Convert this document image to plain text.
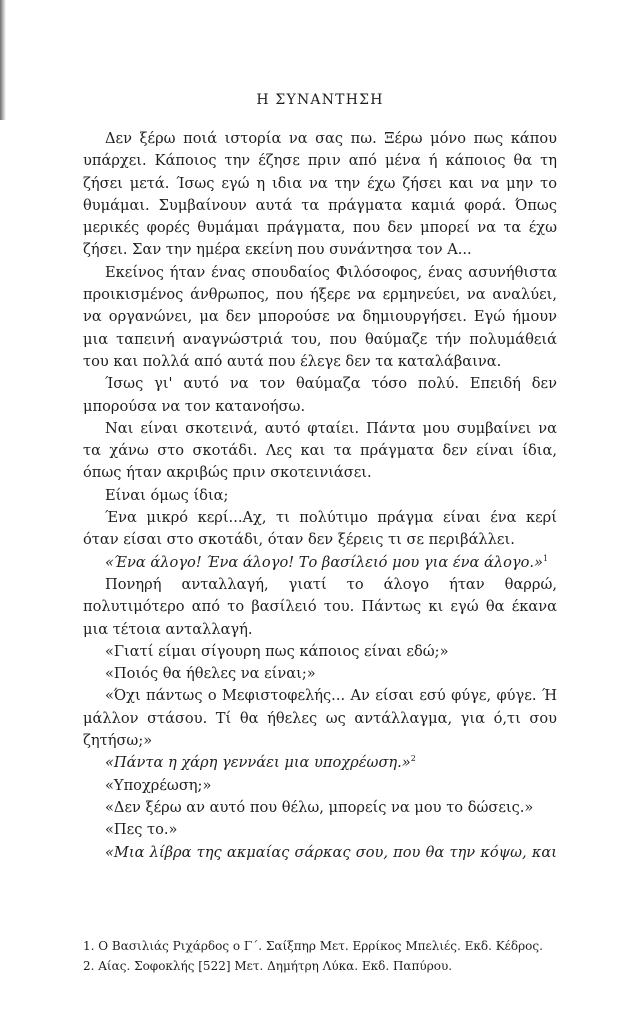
Η ΣΥΝΑΝΤΗΣΗ

Δεν ξέρω ποιά ιστορία να σας πω. Ξέρω μόνο πως κάπου υπάρχει. Κάποιος την έζησε πριν από μένα ή κάποιος θα τη ζήσει μετά. Ίσως εγώ η ιδια να την έχω ζήσει και να μην το θυμάμαι. Συμβαίνουν αυτά τα πράγματα καμιά φορά. Όπως μερικές φορές θυμάμαι πράγματα, που δεν μπορεί να τα έχω ζήσει. Σαν την ημέρα εκείνη που συνάντησα τον Α...

Εκείνος ήταν ένας σπουδαίος Φιλόσοφος, ένας ασυνήθιστα προικισμένος άνθρωπος, που ήξερε να ερμηνεύει, να αναλύει, να οργανώνει, μα δεν μπορούσε να δημιουργήσει. Εγώ ήμουν μια ταπεινή αναγνώστριά του, που θαύμαζε τήν πολυμάθειά του και πολλά από αυτά που έλεγε δεν τα καταλάβαινα.

Ίσως γι' αυτό να τον θαύμαζα τόσο πολύ. Επειδή δεν μπορούσα να τον κατανοήσω.

Ναι είναι σκοτεινά, αυτό φταίει. Πάντα μου συμβαίνει να τα χάνω στο σκοτάδι. Λες και τα πράγματα δεν είναι ίδια, όπως ήταν ακριβώς πριν σκοτεινιάσει.

Είναι όμως ίδια;

Ένα μικρό κερί...Αχ, τι πολύτιμο πράγμα είναι ένα κερί όταν είσαι στο σκοτάδι, όταν δεν ξέρεις τι σε περιβάλλει.

«Ένα άλογο! Ένα άλογο! Το βασίλειό μου για ένα άλογο.»$^1$

Πονηρή ανταλλαγή, γιατί το άλογο ήταν θαρρώ, πολυτιμότερο από το βασίλειό του. Πάντως κι εγώ θα έκανα μια τέτοια ανταλλαγή.

«Γιατί είμαι σίγουρη πως κάποιος είναι εδώ;»

«Ποιός θα ήθελες να είναι;»

«Όχι πάντως ο Μεφιστοφελής... Αν είσαι εσύ φύγε, φύγε. Ή μάλλον στάσου. Τί θα ήθελες ως αντάλλαγμα, για ό,τι σου ζητήσω;»

«Πάντα η χάρη γεννάει μια υποχρέωση.»$^2$

«Υποχρέωση;»

«Δεν ξέρω αν αυτό που θέλω, μπορείς να μου το δώσεις.»

«Πες το.»

«Μια λίβρα της ακμαίας σάρκας σου, που θα την κόψω, και

1. Ο Βασιλιάς Ριχάρδος ο Γ΄. Σαίξπηρ Μετ. Ερρίκος Μπελιές. Εκδ. Κέδρος.
2. Αίας. Σοφοκλής [522] Μετ. Δημήτρη Λύκα. Εκδ. Παπύρου.
